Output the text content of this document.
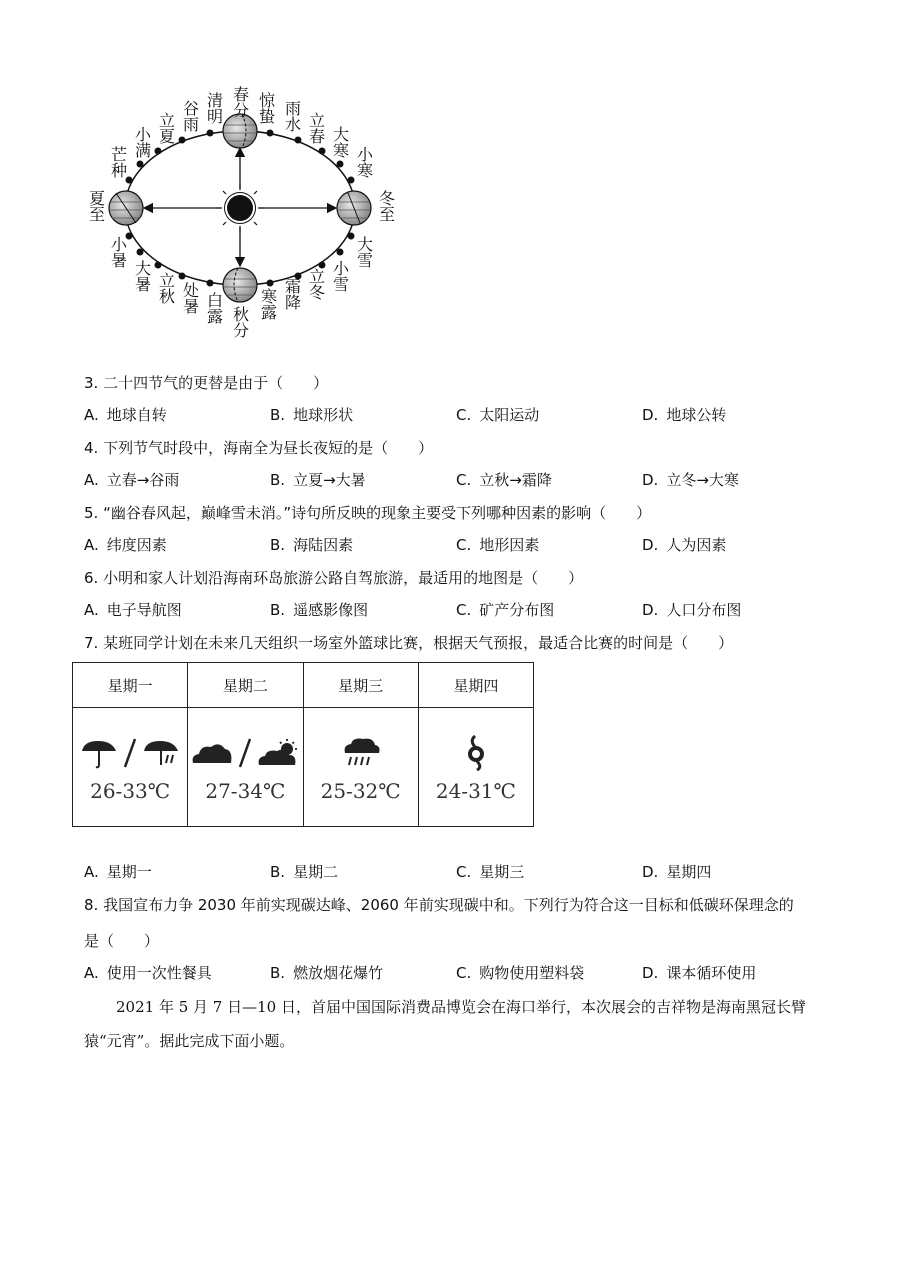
春分
清明
谷雨
立夏
小满
芒种
夏至
小暑
大暑 立秋 处暑 白露 秋分
寒露 霜降 立冬 小雪
大雪
冬至
小寒
大寒
立春
雨水
惊蛰
3. 二十四节气的更替是由于（　　）
A. 地球自转	B. 地球形状	C. 太阳运动	D. 地球公转
4. 下列节气时段中，海南全为昼长夜短的是（　　）
A. 立春→谷雨	B. 立夏→大暑	C. 立秋→霜降	D. 立冬→大寒
5. “幽谷春风起，巅峰雪未消。”诗句所反映的现象主要受下列哪种因素的影响（　　）
A. 纬度因素	B. 海陆因素	C. 地形因素	D. 人为因素
6. 小明和家人计划沿海南环岛旅游公路自驾旅游，最适用的地图是（　　）
A. 电子导航图	B. 遥感影像图	C. 矿产分布图	D. 人口分布图
7. 某班同学计划在未来几天组织一场室外篮球比赛，根据天气预报，最适合比赛的时间是（　　）
星期一	星期二	星期三	星期四

26-33℃	27-34℃	25-32℃	24-31℃
A. 星期一	B. 星期二	C. 星期三	D. 星期四
8. 我国宣布力争 2030 年前实现碳达峰、2060 年前实现碳中和。下列行为符合这一目标和低碳环保理念的
是（　　）
A. 使用一次性餐具	B. 燃放烟花爆竹	C. 购物使用塑料袋	D. 课本循环使用
2021 年 5 月 7 日—10 日，首届中国国际消费品博览会在海口举行，本次展会的吉祥物是海南黑冠长臂猿“元宵”。据此完成下面小题。
